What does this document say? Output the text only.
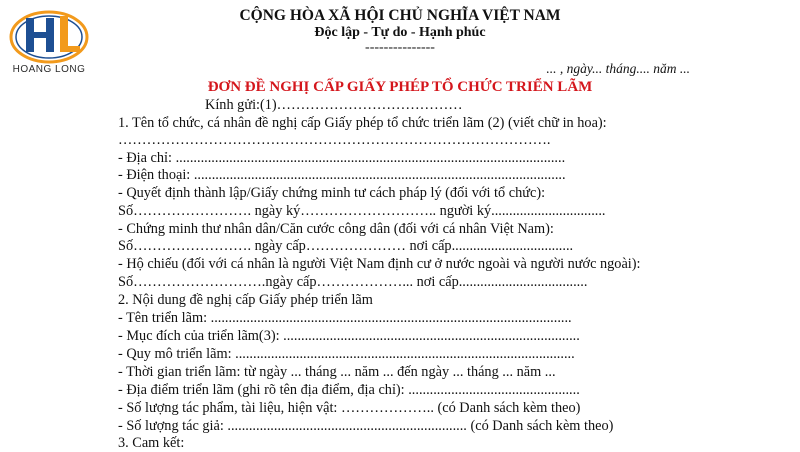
HOANG LONG
CỘNG HÒA XÃ HỘI CHỦ NGHĨA VIỆT NAM
Độc lập - Tự do - Hạnh phúc
---------------
... , ngày... tháng.... năm ...
ĐƠN ĐỀ NGHỊ CẤP GIẤY PHÉP TỔ CHỨC TRIỂN LÃM
Kính gửi:(1)…………………………………
1. Tên tổ chức, cá nhân đề nghị cấp Giấy phép tổ chức triển lãm (2) (viết chữ in hoa):
……………………………………………………………………………….
- Địa chỉ: .............................................................................................................
- Điện thoại: ........................................................................................................
- Quyết định thành lập/Giấy chứng minh tư cách pháp lý (đối với tổ chức):
Số……………………. ngày ký……………………….. người ký................................
- Chứng minh thư nhân dân/Căn cước công dân (đối với cá nhân Việt Nam):
Số……………………. ngày cấp………………… nơi cấp..................................
- Hộ chiếu (đối với cá nhân là người Việt Nam định cư ở nước ngoài và người nước ngoài):
Số……………………….ngày cấp………………... nơi cấp....................................
2. Nội dung đề nghị cấp Giấy phép triển lãm
- Tên triển lãm: .....................................................................................................
- Mục đích của triển lãm(3): ...................................................................................
- Quy mô triển lãm: ...............................................................................................
- Thời gian triển lãm: từ ngày ... tháng ... năm ... đến ngày ... tháng ... năm ...
- Địa điểm triển lãm (ghi rõ tên địa điểm, địa chỉ): ................................................
- Số lượng tác phẩm, tài liệu, hiện vật: ……………….. (có Danh sách kèm theo)
- Số lượng tác giả: ................................................................... (có Danh sách kèm theo)
3. Cam kết:
